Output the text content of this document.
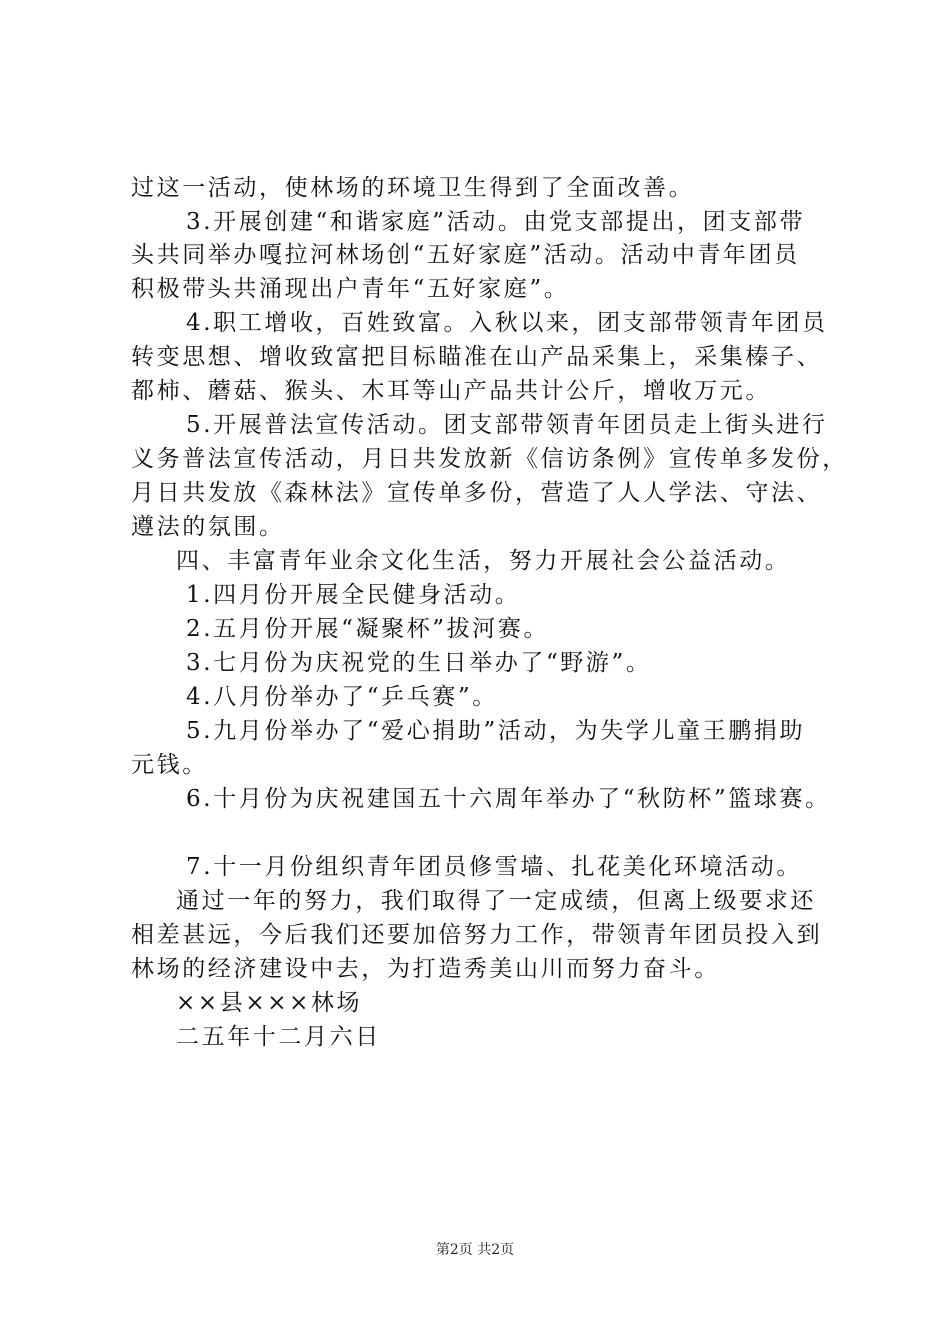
过这一活动，使林场的环境卫生得到了全面改善。
3.开展创建“和谐家庭”活动。由党支部提出，团支部带
头共同举办嘎拉河林场创“五好家庭”活动。活动中青年团员
积极带头共涌现出户青年“五好家庭”。
4.职工增收，百姓致富。入秋以来，团支部带领青年团员
转变思想、增收致富把目标瞄准在山产品采集上，采集榛子、
都柿、蘑菇、猴头、木耳等山产品共计公斤，增收万元。
5.开展普法宣传活动。团支部带领青年团员走上街头进行
义务普法宣传活动，月日共发放新《信访条例》宣传单多发份，
月日共发放《森林法》宣传单多份，营造了人人学法、守法、
遵法的氛围。
四、丰富青年业余文化生活，努力开展社会公益活动。
1.四月份开展全民健身活动。
2.五月份开展“凝聚杯”拔河赛。
3.七月份为庆祝党的生日举办了“野游”。
4.八月份举办了“乒乓赛”。
5.九月份举办了“爱心捐助”活动，为失学儿童王鹏捐助
元钱。
6.十月份为庆祝建国五十六周年举办了“秋防杯”篮球赛。
7.十一月份组织青年团员修雪墙、扎花美化环境活动。
通过一年的努力，我们取得了一定成绩，但离上级要求还
相差甚远，今后我们还要加倍努力工作，带领青年团员投入到
林场的经济建设中去，为打造秀美山川而努力奋斗。
××县×××林场
二五年十二月六日
第2页 共2页
